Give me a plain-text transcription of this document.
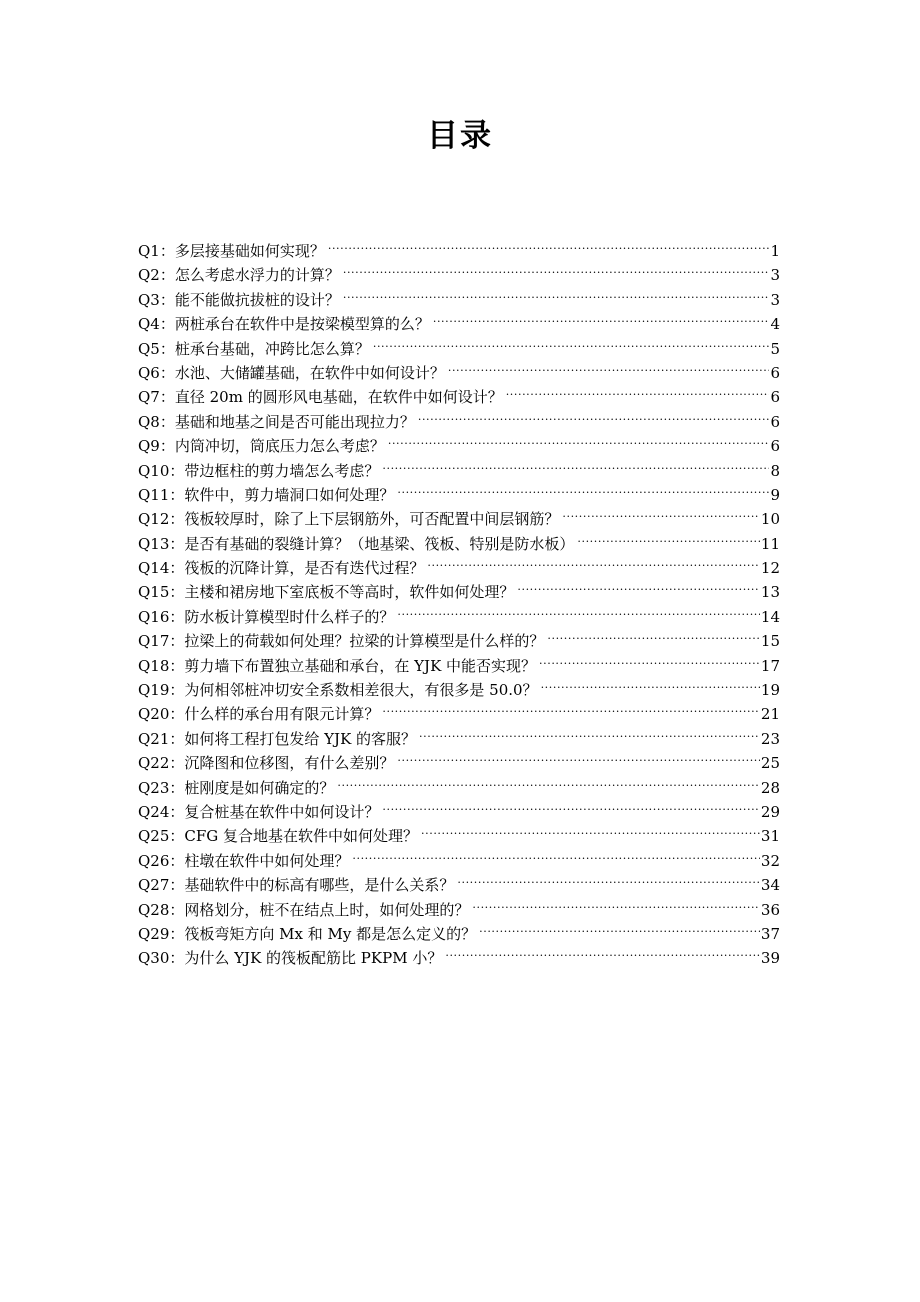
目录
Q1：多层接基础如何实现？ .....	1
Q2：怎么考虑水浮力的计算？ .....	3
Q3：能不能做抗拔桩的设计？ .....	3
Q4：两桩承台在软件中是按梁模型算的么？ .....	4
Q5：桩承台基础，冲跨比怎么算？ .....	5
Q6：水池、大储罐基础，在软件中如何设计？ .....	6
Q7：直径 20m 的圆形风电基础，在软件中如何设计？ .....	6
Q8：基础和地基之间是否可能出现拉力？ .....	6
Q9：内筒冲切，筒底压力怎么考虑？ .....	6
Q10：带边框柱的剪力墙怎么考虑？ .....	8
Q11：软件中，剪力墙洞口如何处理？ .....	9
Q12：筏板较厚时，除了上下层钢筋外，可否配置中间层钢筋？ .....	10
Q13：是否有基础的裂缝计算？（地基梁、筏板、特别是防水板） .....	11
Q14：筏板的沉降计算，是否有迭代过程？ .....	12
Q15：主楼和裙房地下室底板不等高时，软件如何处理？ .....	13
Q16：防水板计算模型时什么样子的？ .....	14
Q17：拉梁上的荷载如何处理？拉梁的计算模型是什么样的？ .....	15
Q18：剪力墙下布置独立基础和承台，在 YJK 中能否实现？ .....	17
Q19：为何相邻桩冲切安全系数相差很大，有很多是 50.0？ .....	19
Q20：什么样的承台用有限元计算？ .....	21
Q21：如何将工程打包发给 YJK 的客服？ .....	23
Q22：沉降图和位移图，有什么差别？ .....	25
Q23：桩刚度是如何确定的？ .....	28
Q24：复合桩基在软件中如何设计？ .....	29
Q25：CFG 复合地基在软件中如何处理？ .....	31
Q26：柱墩在软件中如何处理？ .....	32
Q27：基础软件中的标高有哪些，是什么关系？ .....	34
Q28：网格划分，桩不在结点上时，如何处理的？ .....	36
Q29：筏板弯矩方向 Mx 和 My 都是怎么定义的？ .....	37
Q30：为什么 YJK 的筏板配筋比 PKPM 小？ .....	39
